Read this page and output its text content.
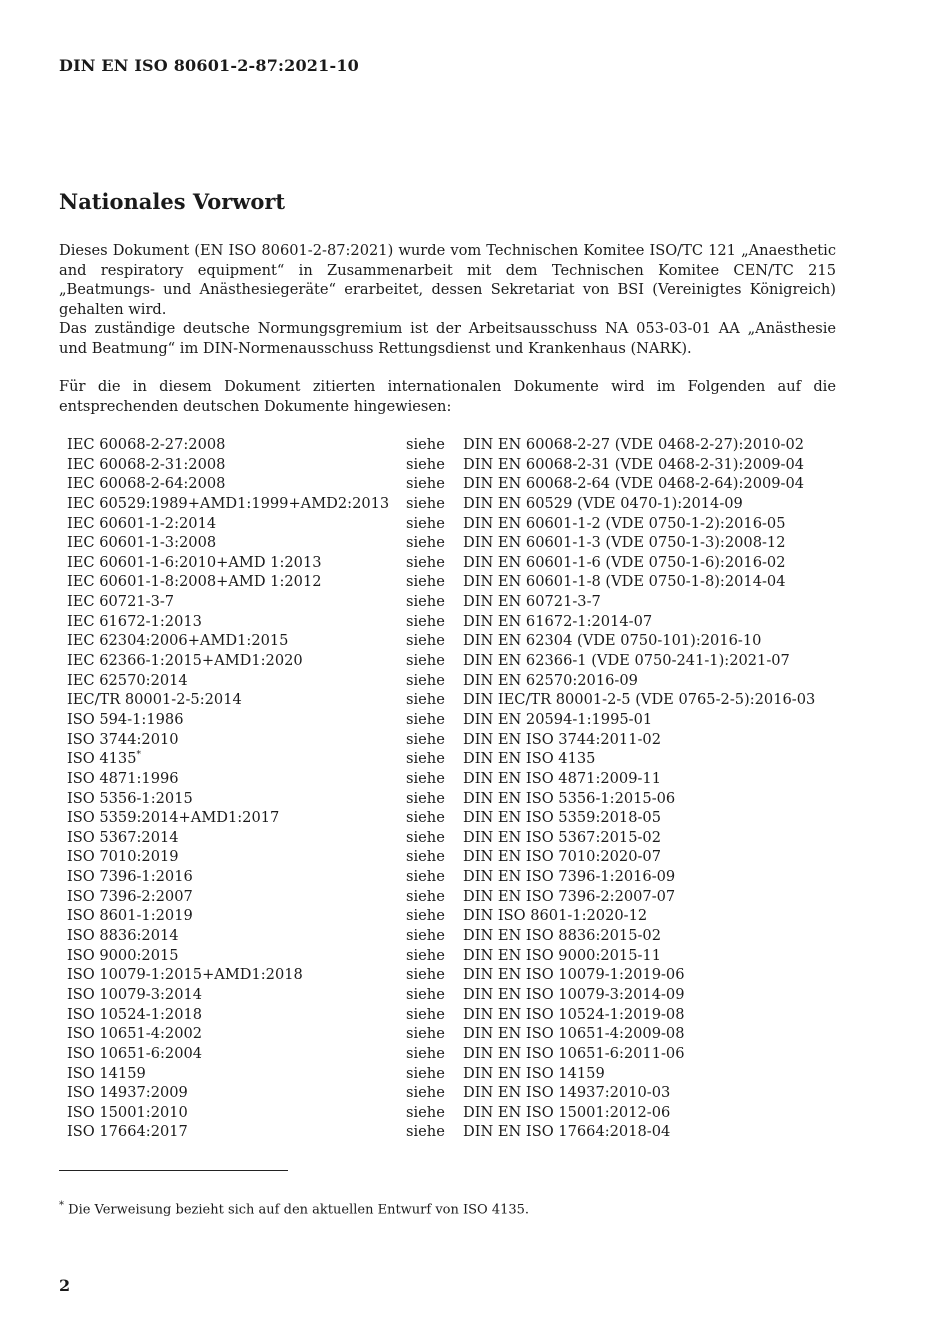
DIN EN ISO 80601-2-87:2021-10
Nationales Vorwort
Dieses Dokument (EN ISO 80601-2-87:2021) wurde vom Technischen Komitee ISO/TC 121 „Anaesthetic and respiratory equipment“ in Zusammenarbeit mit dem Technischen Komitee CEN/TC 215 „Beatmungs- und Anästhesiegeräte“ erarbeitet, dessen Sekretariat von BSI (Vereinigtes Königreich) gehalten wird.
Das zuständige deutsche Normungsgremium ist der Arbeitsausschuss NA 053-03-01 AA „Anästhesie und Beatmung“ im DIN-Normenausschuss Rettungsdienst und Krankenhaus (NARK).
Für die in diesem Dokument zitierten internationalen Dokumente wird im Folgenden auf die entsprechenden deutschen Dokumente hingewiesen:
IEC 60068-2-27:2008	siehe DIN EN 60068-2-27 (VDE 0468-2-27):2010-02
IEC 60068-2-31:2008	siehe DIN EN 60068-2-31 (VDE 0468-2-31):2009-04
IEC 60068-2-64:2008	siehe DIN EN 60068-2-64 (VDE 0468-2-64):2009-04
IEC 60529:1989+AMD1:1999+AMD2:2013 siehe DIN EN 60529 (VDE 0470-1):2014-09
IEC 60601-1-2:2014	siehe DIN EN 60601-1-2 (VDE 0750-1-2):2016-05
IEC 60601-1-3:2008	siehe DIN EN 60601-1-3 (VDE 0750-1-3):2008-12
IEC 60601-1-6:2010+AMD 1:2013	siehe DIN EN 60601-1-6 (VDE 0750-1-6):2016-02
IEC 60601-1-8:2008+AMD 1:2012	siehe DIN EN 60601-1-8 (VDE 0750-1-8):2014-04
IEC 60721-3-7	siehe DIN EN 60721-3-7
IEC 61672-1:2013	siehe DIN EN 61672-1:2014-07
IEC 62304:2006+AMD1:2015	siehe DIN EN 62304 (VDE 0750-101):2016-10
IEC 62366-1:2015+AMD1:2020	siehe DIN EN 62366-1 (VDE 0750-241-1):2021-07
IEC 62570:2014	siehe DIN EN 62570:2016-09
IEC/TR 80001-2-5:2014	siehe DIN IEC/TR 80001-2-5 (VDE 0765-2-5):2016-03
ISO 594-1:1986	siehe DIN EN 20594-1:1995-01
ISO 3744:2010	siehe DIN EN ISO 3744:2011-02
ISO 4135*	siehe DIN EN ISO 4135
ISO 4871:1996	siehe DIN EN ISO 4871:2009-11
ISO 5356-1:2015	siehe DIN EN ISO 5356-1:2015-06
ISO 5359:2014+AMD1:2017	siehe DIN EN ISO 5359:2018-05
ISO 5367:2014	siehe DIN EN ISO 5367:2015-02
ISO 7010:2019	siehe DIN EN ISO 7010:2020-07
ISO 7396-1:2016	siehe DIN EN ISO 7396-1:2016-09
ISO 7396-2:2007	siehe DIN EN ISO 7396-2:2007-07
ISO 8601-1:2019	siehe DIN ISO 8601-1:2020-12
ISO 8836:2014	siehe DIN EN ISO 8836:2015-02
ISO 9000:2015	siehe DIN EN ISO 9000:2015-11
ISO 10079-1:2015+AMD1:2018	siehe DIN EN ISO 10079-1:2019-06
ISO 10079-3:2014	siehe DIN EN ISO 10079-3:2014-09
ISO 10524-1:2018	siehe DIN EN ISO 10524-1:2019-08
ISO 10651-4:2002	siehe DIN EN ISO 10651-4:2009-08
ISO 10651-6:2004	siehe DIN EN ISO 10651-6:2011-06
ISO 14159	siehe DIN EN ISO 14159
ISO 14937:2009	siehe DIN EN ISO 14937:2010-03
ISO 15001:2010	siehe DIN EN ISO 15001:2012-06
ISO 17664:2017	siehe DIN EN ISO 17664:2018-04
* Die Verweisung bezieht sich auf den aktuellen Entwurf von ISO 4135.
2
